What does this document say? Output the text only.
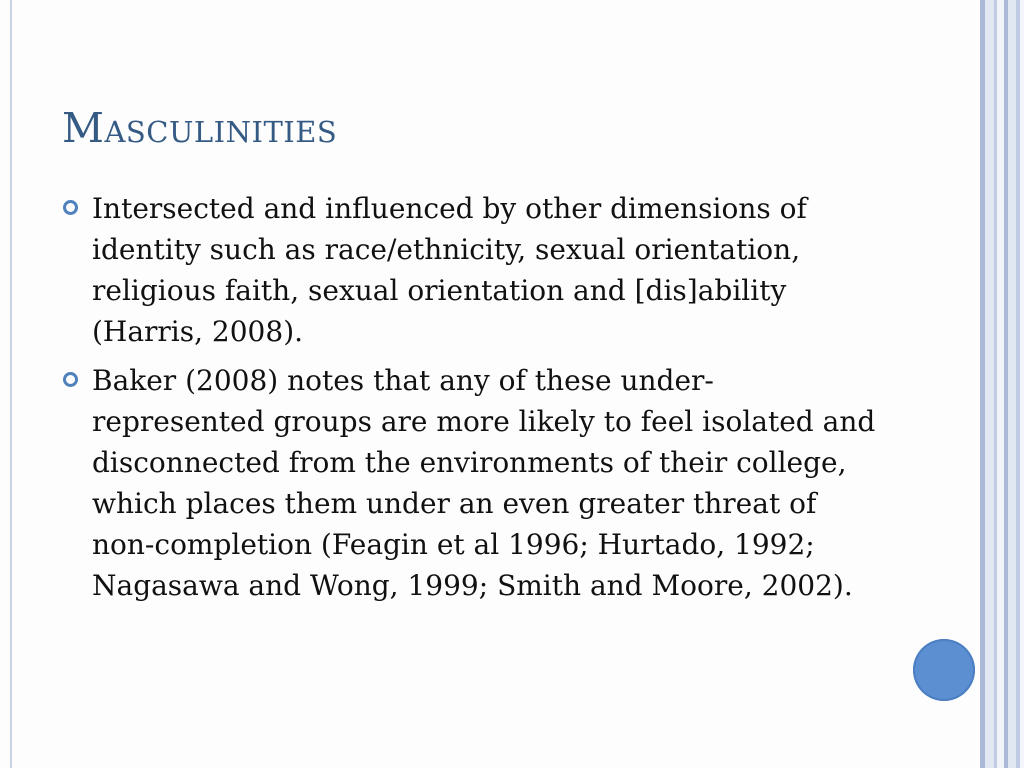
Masculinities
Intersected and influenced by other dimensions of identity such as race/ethnicity, sexual orientation, religious faith, sexual orientation and [dis]ability (Harris, 2008).
Baker (2008) notes that any of these under-represented groups are more likely to feel isolated and disconnected from the environments of their college, which places them under an even greater threat of non-completion (Feagin et al 1996; Hurtado, 1992; Nagasawa and Wong, 1999; Smith and Moore, 2002).
